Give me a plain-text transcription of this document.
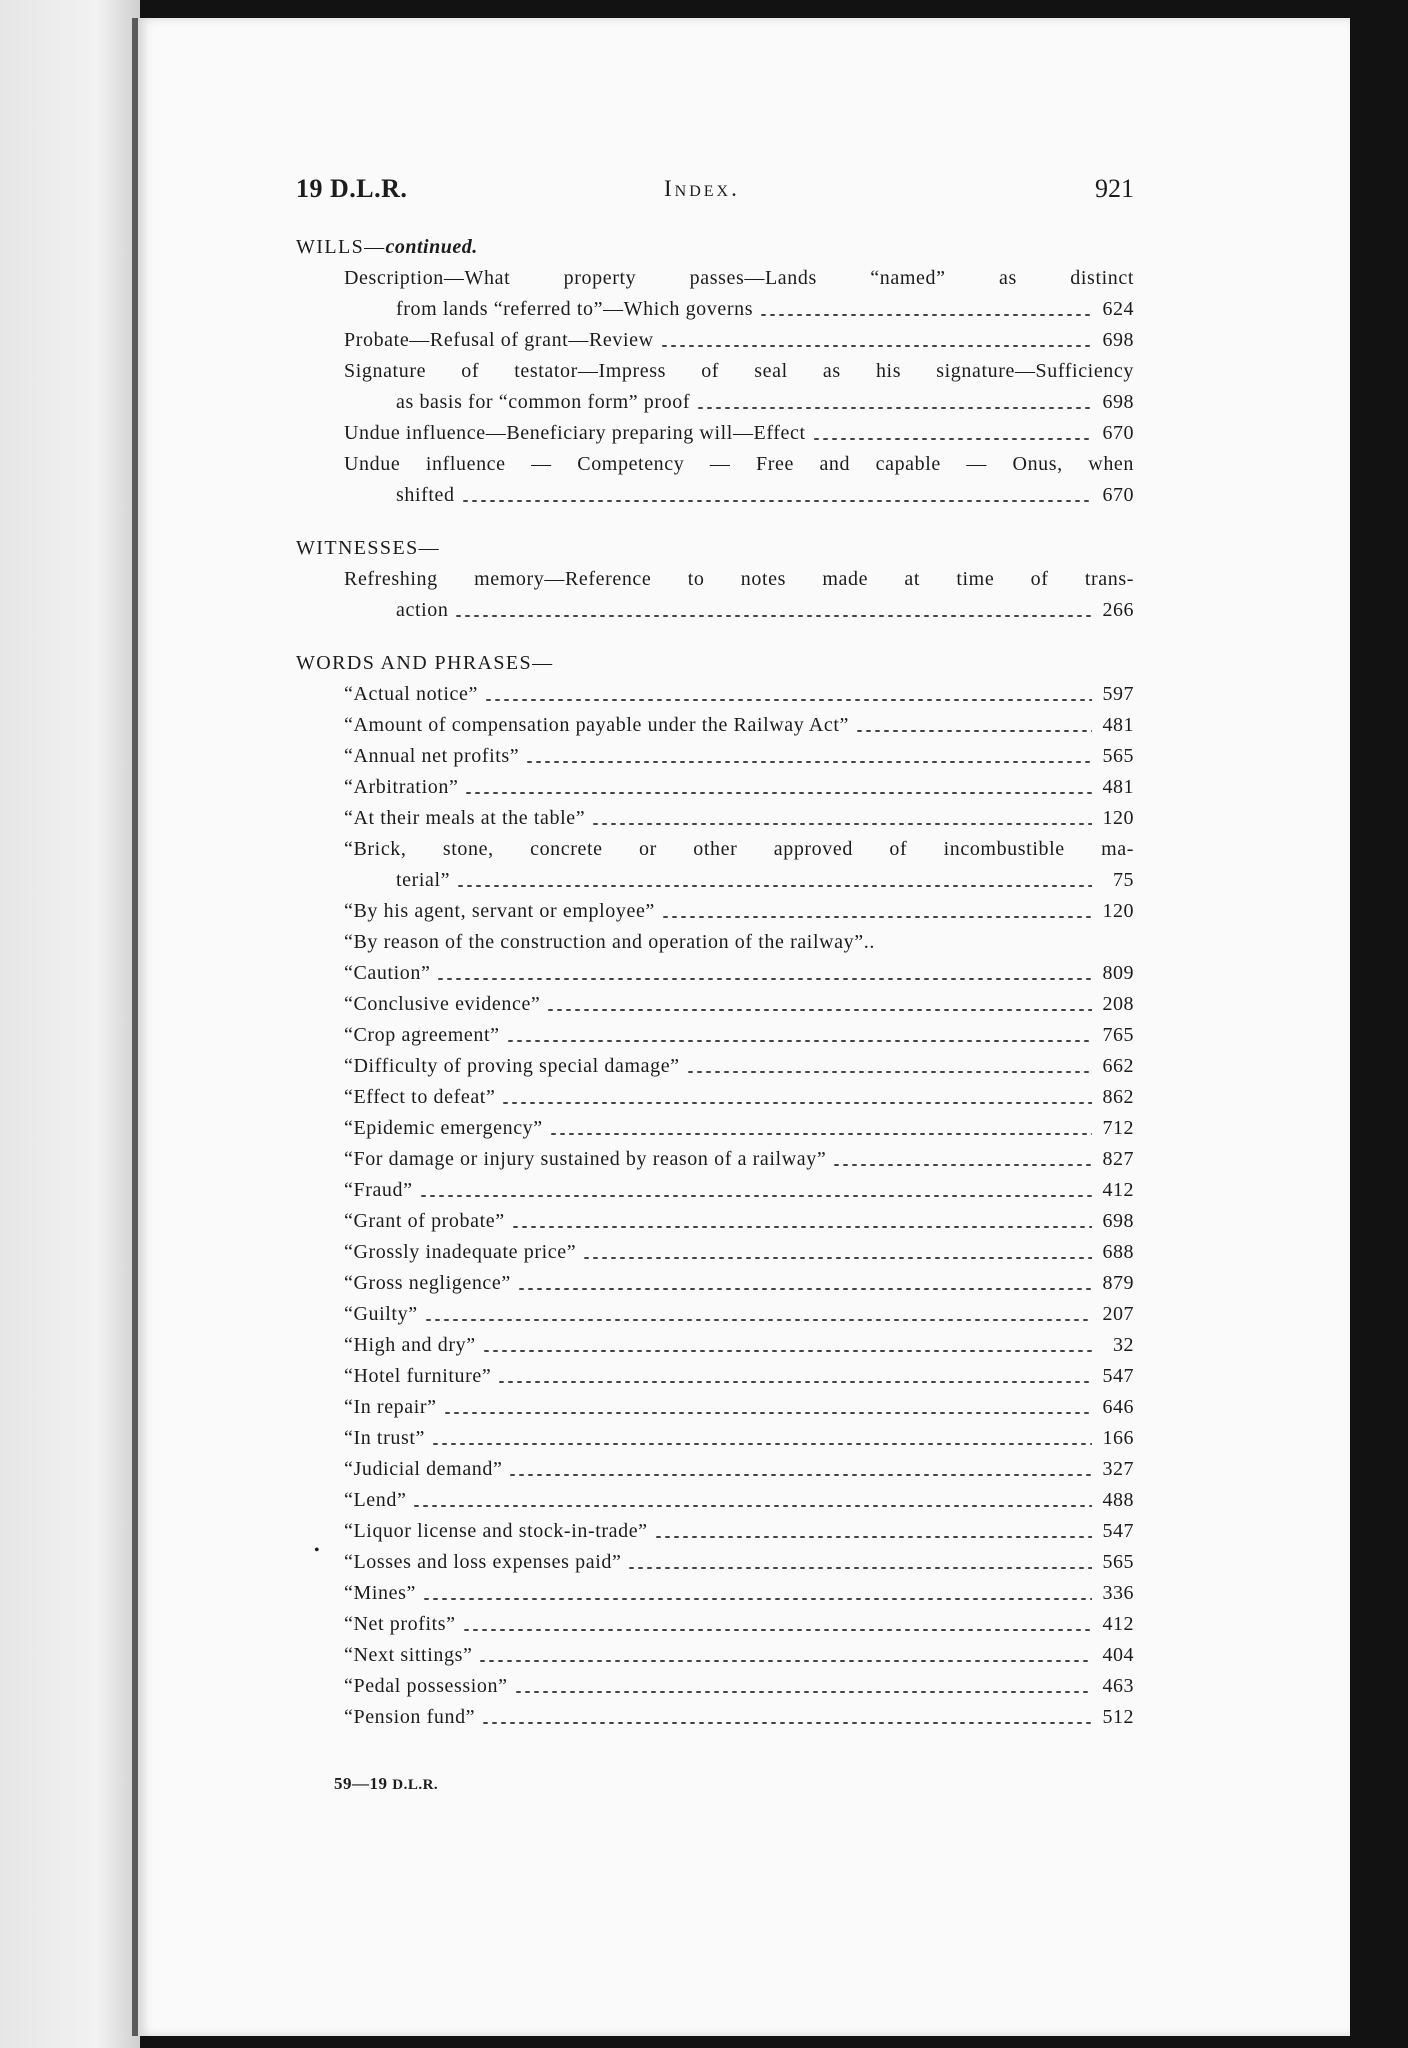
19 D.L.R.	Index.	921
WILLS—continued.
Description—What property passes—Lands “named” as distinct
from lands “referred to”—Which governs	624
Probate—Refusal of grant—Review	698
Signature of testator—Impress of seal as his signature—Sufficiency
as basis for “common form” proof	698
Undue influence—Beneficiary preparing will—Effect	670
Undue influence — Competency — Free and capable — Onus, when
shifted	670
WITNESSES—
Refreshing memory—Reference to notes made at time of trans-
action	266
WORDS AND PHRASES—
“Actual notice”	597
“Amount of compensation payable under the Railway Act”	481
“Annual net profits”	565
“Arbitration”	481
“At their meals at the table”	120
“Brick, stone, concrete or other approved of incombustible ma-
terial”	75
“By his agent, servant or employee”	120
“By reason of the construction and operation of the railway”..
“Caution”	809
“Conclusive evidence”	208
“Crop agreement”	765
“Difficulty of proving special damage”	662
“Effect to defeat”	862
“Epidemic emergency”	712
“For damage or injury sustained by reason of a railway”	827
“Fraud”	412
“Grant of probate”	698
“Grossly inadequate price”	688
“Gross negligence”	879
“Guilty”	207
“High and dry”	32
“Hotel furniture”	547
“In repair”	646
“In trust”	166
“Judicial demand”	327
“Lend”	488
“Liquor license and stock-in-trade”	547
“Losses and loss expenses paid”	565
“Mines”	336
“Net profits”	412
“Next sittings”	404
“Pedal possession”	463
“Pension fund”	512
•
59—19 D.L.R.
